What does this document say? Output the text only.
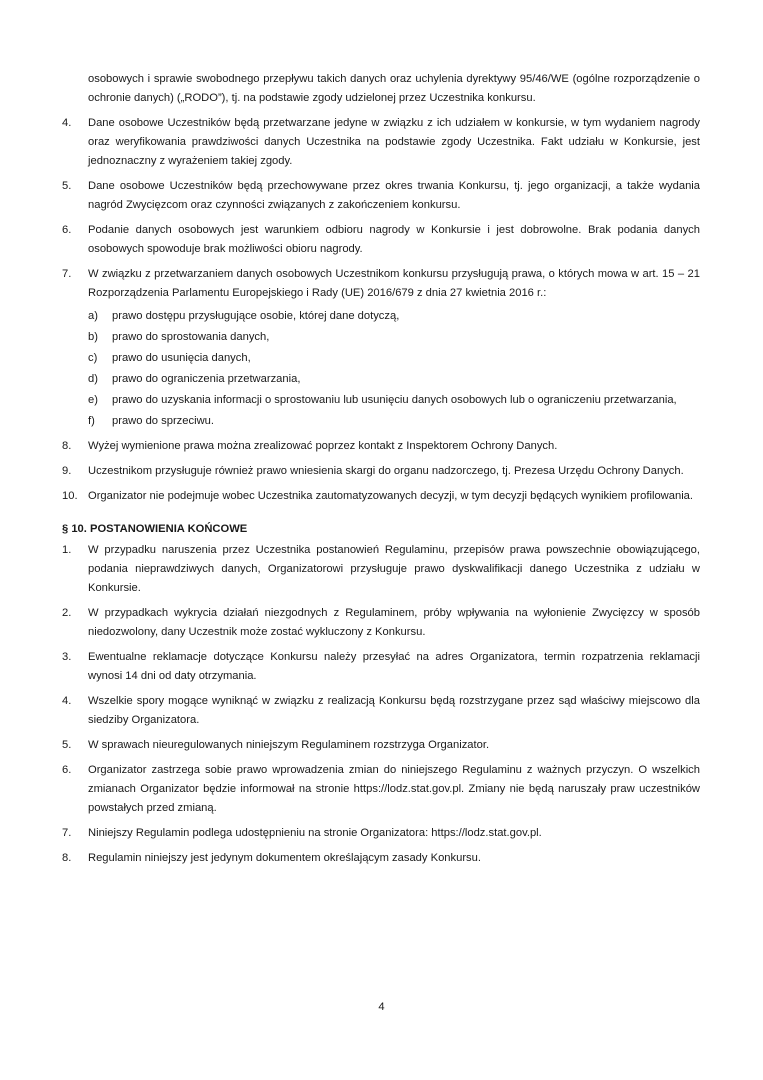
osobowych i sprawie swobodnego przepływu takich danych oraz uchylenia dyrektywy 95/46/WE (ogólne rozporządzenie o ochronie danych) („RODO”), tj. na podstawie zgody udzielonej przez Uczestnika konkursu.

4.	Dane osobowe Uczestników będą przetwarzane jedyne w związku z ich udziałem w konkursie, w tym wydaniem nagrody oraz weryfikowania prawdziwości danych Uczestnika na podstawie zgody Uczestnika. Fakt udziału w Konkursie, jest jednoznaczny z wyrażeniem takiej zgody.
5.	Dane osobowe Uczestników będą przechowywane przez okres trwania Konkursu, tj. jego organizacji, a także wydania nagród Zwycięzcom oraz czynności związanych z zakończeniem konkursu.
6.	Podanie danych osobowych jest warunkiem odbioru nagrody w Konkursie i jest dobrowolne. Brak podania danych osobowych spowoduje brak możliwości obioru nagrody.
7.	W związku z przetwarzaniem danych osobowych Uczestnikom konkursu przysługują prawa, o których mowa w art. 15 – 21 Rozporządzenia Parlamentu Europejskiego i Rady (UE) 2016/679 z dnia 27 kwietnia 2016 r.:
a)	prawo dostępu przysługujące osobie, której dane dotyczą,
b)	prawo do sprostowania danych,
c)	prawo do usunięcia danych,
d)	prawo do ograniczenia przetwarzania,
e)	prawo do uzyskania informacji o sprostowaniu lub usunięciu danych osobowych lub o ograniczeniu przetwarzania,
f)	prawo do sprzeciwu.
8.	Wyżej wymienione prawa można zrealizować poprzez kontakt z Inspektorem Ochrony Danych.
9.	Uczestnikom przysługuje również prawo wniesienia skargi do organu nadzorczego, tj. Prezesa Urzędu Ochrony Danych.
10. Organizator nie podejmuje wobec Uczestnika zautomatyzowanych decyzji, w tym decyzji będących wynikiem profilowania.

§ 10. POSTANOWIENIA KOŃCOWE

1.	W przypadku naruszenia przez Uczestnika postanowień Regulaminu, przepisów prawa powszechnie obowiązującego, podania nieprawdziwych danych, Organizatorowi przysługuje prawo dyskwalifikacji danego Uczestnika z udziału w Konkursie.
2.	W przypadkach wykrycia działań niezgodnych z Regulaminem, próby wpływania na wyłonienie Zwycięzcy w sposób niedozwolony, dany Uczestnik może zostać wykluczony z Konkursu.
3.	Ewentualne reklamacje dotyczące Konkursu należy przesyłać na adres Organizatora, termin rozpatrzenia reklamacji wynosi 14 dni od daty otrzymania.
4.	Wszelkie spory mogące wyniknąć w związku z realizacją Konkursu będą rozstrzygane przez sąd właściwy miejscowo dla siedziby Organizatora.
5.	W sprawach nieuregulowanych niniejszym Regulaminem rozstrzyga Organizator.
6.	Organizator zastrzega sobie prawo wprowadzenia zmian do niniejszego Regulaminu z ważnych przyczyn. O wszelkich zmianach Organizator będzie informował na stronie https://lodz.stat.gov.pl. Zmiany nie będą naruszały praw uczestników powstałych przed zmianą.
7.	Niniejszy Regulamin podlega udostępnieniu na stronie Organizatora: https://lodz.stat.gov.pl.
8.	Regulamin niniejszy jest jedynym dokumentem określającym zasady Konkursu.
4
